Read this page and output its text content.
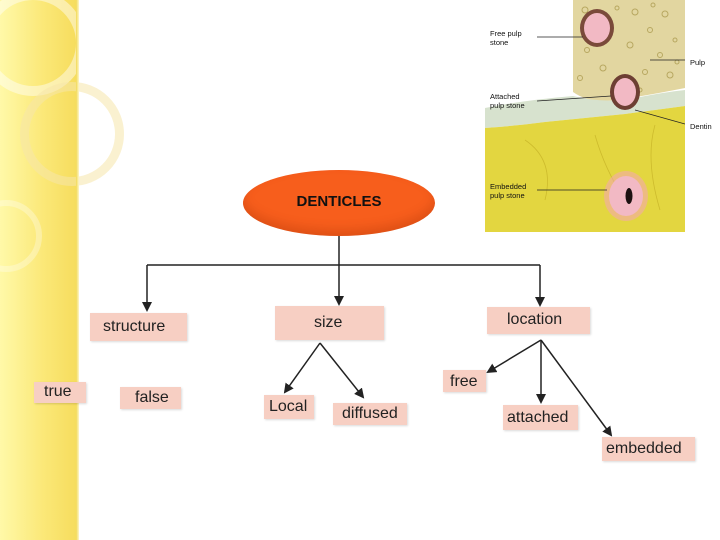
Free pulp
stone
Attached
pulp stone
Embedded
pulp stone
Pulp
Dentin
DENTICLES
structure	size	location
true	false
Local diffused
free
attached
embedded
